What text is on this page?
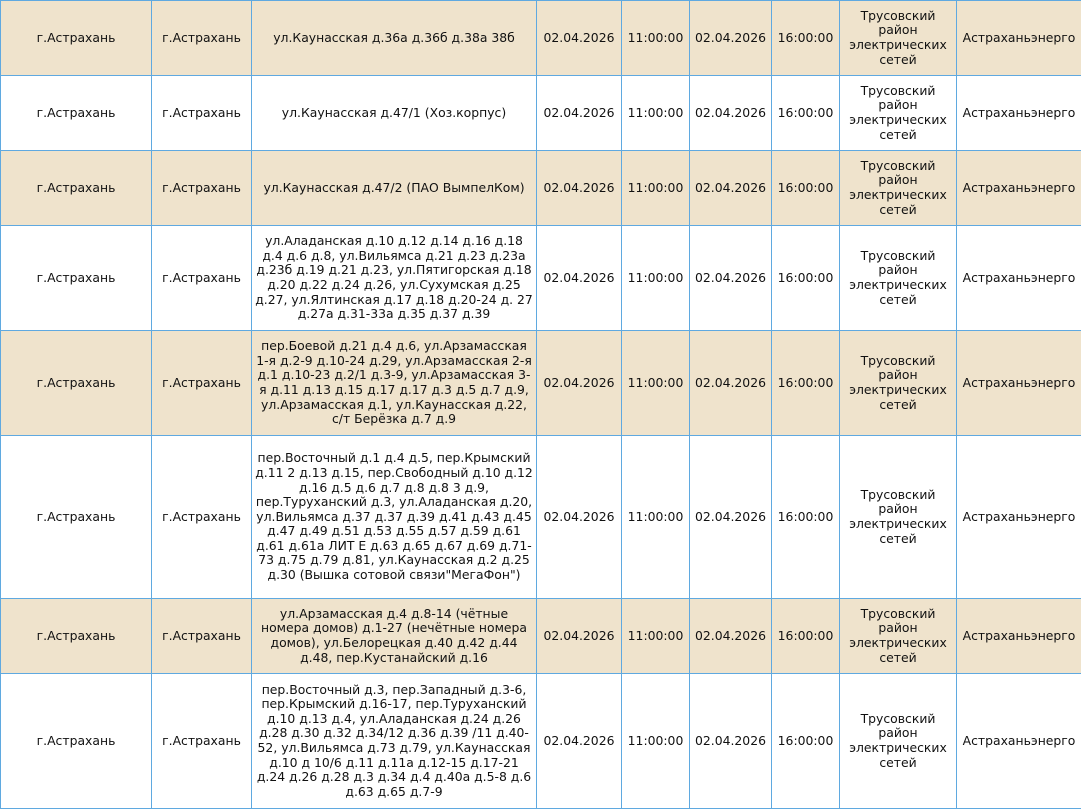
г.Астрахань	г.Астрахань	ул.Каунасская д.36а д.36б д.38а 38б	02.04.2026	11:00:00	02.04.2026	16:00:00	Трусовский район электрических сетей	Астраханьэнерго
г.Астрахань	г.Астрахань	ул.Каунасская д.47/1 (Хоз.корпус)	02.04.2026	11:00:00	02.04.2026	16:00:00	Трусовский район электрических сетей	Астраханьэнерго
г.Астрахань	г.Астрахань	ул.Каунасская д.47/2 (ПАО ВымпелКом)	02.04.2026	11:00:00	02.04.2026	16:00:00	Трусовский район электрических сетей	Астраханьэнерго
г.Астрахань	г.Астрахань	ул.Аладанская д.10 д.12 д.14 д.16 д.18 д.4 д.6 д.8, ул.Вильямса д.21 д.23 д.23а д.23б д.19 д.21 д.23, ул.Пятигорская д.18 д.20 д.22 д.24 д.26, ул.Сухумская д.25 д.27, ул.Ялтинская д.17 д.18 д.20-24 д. 27 д.27а д.31-33а д.35 д.37 д.39	02.04.2026	11:00:00	02.04.2026	16:00:00	Трусовский район электрических сетей	Астраханьэнерго
г.Астрахань	г.Астрахань	пер.Боевой д.21 д.4 д.6, ул.Арзамасская 1-я д.2-9 д.10-24 д.29, ул.Арзамасская 2-я д.1 д.10-23 д.2/1 д.3-9, ул.Арзамасская 3-я д.11 д.13 д.15 д.17 д.17 д.3 д.5 д.7 д.9, ул.Арзамасская д.1, ул.Каунасская д.22, с/т Берёзка д.7 д.9	02.04.2026	11:00:00	02.04.2026	16:00:00	Трусовский район электрических сетей	Астраханьэнерго
г.Астрахань	г.Астрахань	пер.Восточный д.1 д.4 д.5, пер.Крымский д.11 2 д.13 д.15, пер.Свободный д.10 д.12 д.16 д.5 д.6 д.7 д.8 д.8 3 д.9, пер.Туруханский д.3, ул.Аладанская д.20, ул.Вильямса д.37 д.37 д.39 д.41 д.43 д.45 д.47 д.49 д.51 д.53 д.55 д.57 д.59 д.61 д.61 д.61а ЛИТ Е д.63 д.65 д.67 д.69 д.71-73 д.75 д.79 д.81, ул.Каунасская д.2 д.25 д.30 (Вышка сотовой связи"МегаФон")	02.04.2026	11:00:00	02.04.2026	16:00:00	Трусовский район электрических сетей	Астраханьэнерго
г.Астрахань	г.Астрахань	ул.Арзамасская д.4 д.8-14 (чётные номера домов) д.1-27 (нечётные номера домов), ул.Белорецкая д.40 д.42 д.44 д.48, пер.Кустанайский д.16	02.04.2026	11:00:00	02.04.2026	16:00:00	Трусовский район электрических сетей	Астраханьэнерго
г.Астрахань	г.Астрахань	пер.Восточный д.3, пер.Западный д.3-6, пер.Крымский д.16-17, пер.Туруханский д.10 д.13 д.4, ул.Аладанская д.24 д.26 д.28 д.30 д.32 д.34/12 д.36 д.39 /11 д.40-52, ул.Вильямса д.73 д.79, ул.Каунасская д.10 д 10/6 д.11 д.11а д.12-15 д.17-21 д.24 д.26 д.28 д.3 д.34 д.4 д.40а д.5-8 д.6 д.63 д.65 д.7-9	02.04.2026	11:00:00	02.04.2026	16:00:00	Трусовский район электрических сетей	Астраханьэнерго
